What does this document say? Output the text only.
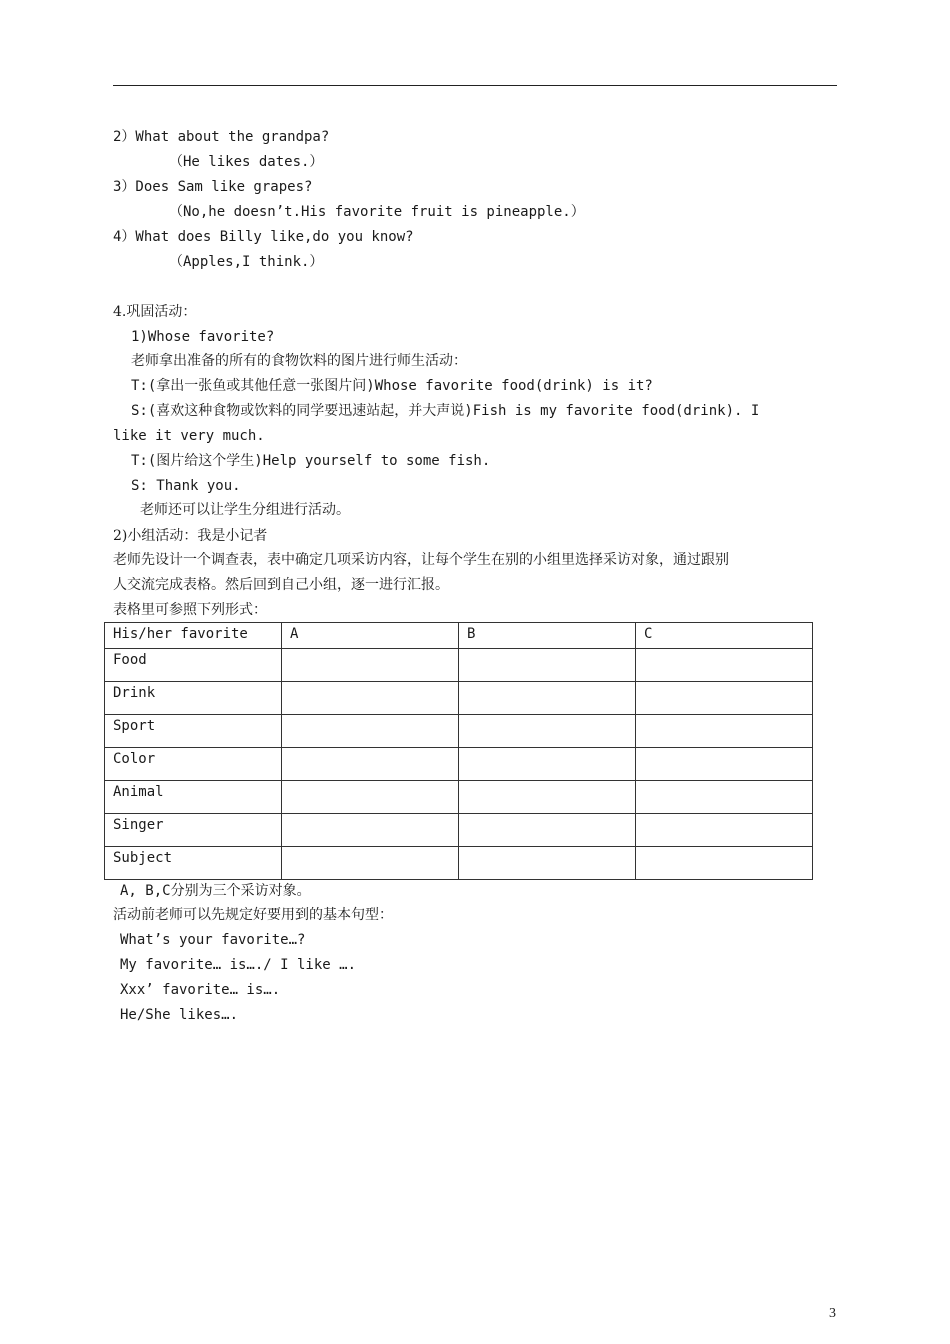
2）What about the grandpa?
（He likes dates.）
3）Does Sam like grapes?
（No,he doesn’t.His favorite fruit is pineapple.）
4）What does Billy like,do you know?
（Apples,I think.）
4.巩固活动：
1)Whose favorite?
老师拿出准备的所有的食物饮料的图片进行师生活动：
T:(拿出一张鱼或其他任意一张图片问)Whose favorite food(drink) is it?
S:(喜欢这种食物或饮料的同学要迅速站起，并大声说)Fish is my favorite food(drink). I
like it very much.
T:(图片给这个学生)Help yourself to some fish.
S: Thank you.
老师还可以让学生分组进行活动。
2)小组活动：我是小记者
老师先设计一个调查表，表中确定几项采访内容，让每个学生在别的小组里选择采访对象，通过跟别
人交流完成表格。然后回到自己小组，逐一进行汇报。
表格里可参照下列形式：
His/her favorite	A	B	C
Food			
Drink			
Sport			
Color			
Animal			
Singer			
Subject			
A, B,C分别为三个采访对象。
活动前老师可以先规定好要用到的基本句型：
What’s your favorite…?
My favorite… is…./ I like ….
Xxx’ favorite… is….
He/She likes….
3
